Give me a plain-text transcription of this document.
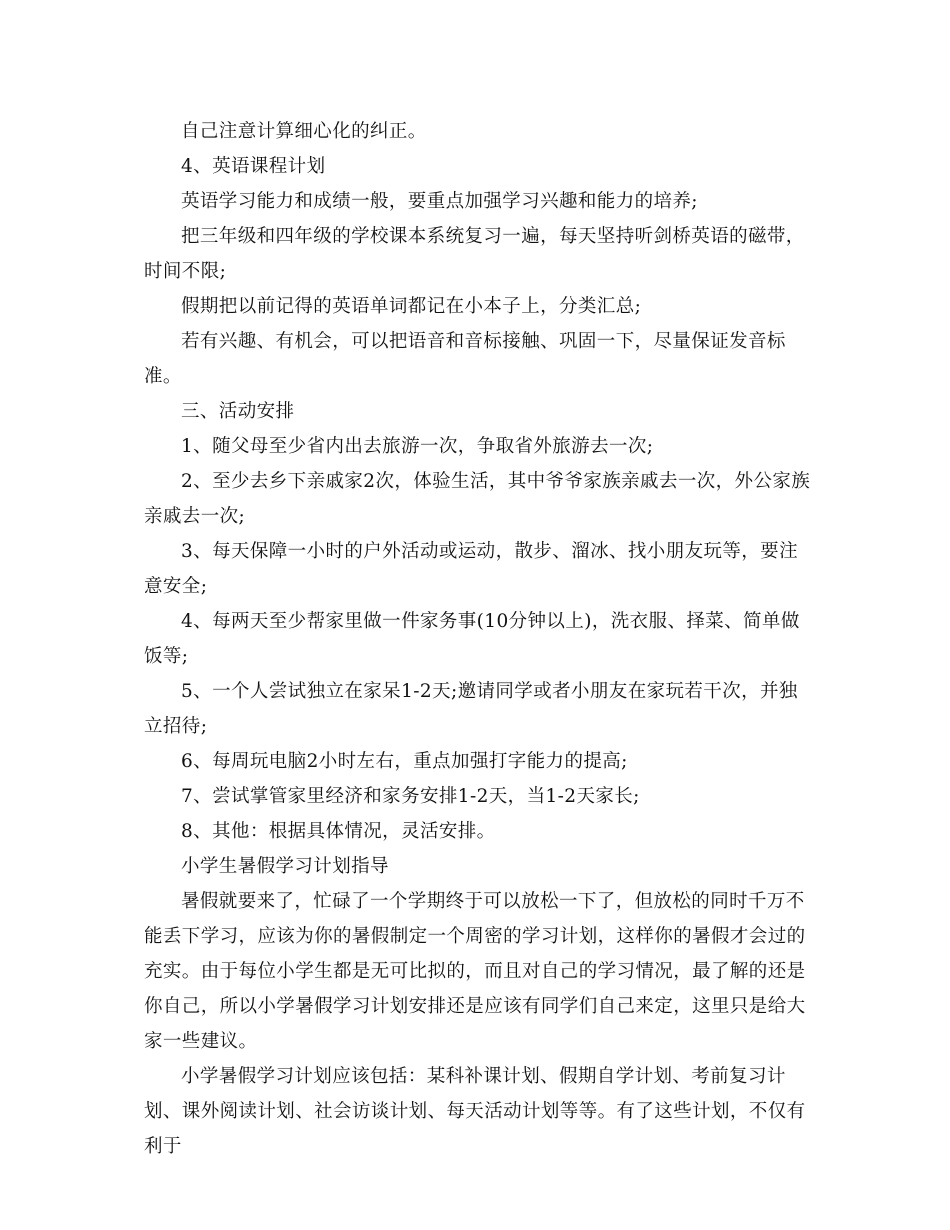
自己注意计算细心化的纠正。

4、英语课程计划

英语学习能力和成绩一般，要重点加强学习兴趣和能力的培养;

把三年级和四年级的学校课本系统复习一遍，每天坚持听剑桥英语的磁带，时间不限;

假期把以前记得的英语单词都记在小本子上，分类汇总;

若有兴趣、有机会，可以把语音和音标接触、巩固一下，尽量保证发音标准。

三、活动安排

1、随父母至少省内出去旅游一次，争取省外旅游去一次;

2、至少去乡下亲戚家2次，体验生活，其中爷爷家族亲戚去一次，外公家族亲戚去一次;

3、每天保障一小时的户外活动或运动，散步、溜冰、找小朋友玩等，要注意安全;

4、每两天至少帮家里做一件家务事(10分钟以上)，洗衣服、择菜、简单做饭等;

5、一个人尝试独立在家呆1-2天;邀请同学或者小朋友在家玩若干次，并独立招待;

6、每周玩电脑2小时左右，重点加强打字能力的提高;

7、尝试掌管家里经济和家务安排1-2天，当1-2天家长;

8、其他：根据具体情况，灵活安排。

小学生暑假学习计划指导

暑假就要来了，忙碌了一个学期终于可以放松一下了，但放松的同时千万不能丢下学习，应该为你的暑假制定一个周密的学习计划，这样你的暑假才会过的充实。由于每位小学生都是无可比拟的，而且对自己的学习情况，最了解的还是你自己，所以小学暑假学习计划安排还是应该有同学们自己来定，这里只是给大家一些建议。

小学暑假学习计划应该包括：某科补课计划、假期自学计划、考前复习计划、课外阅读计划、社会访谈计划、每天活动计划等等。有了这些计划，不仅有利于
